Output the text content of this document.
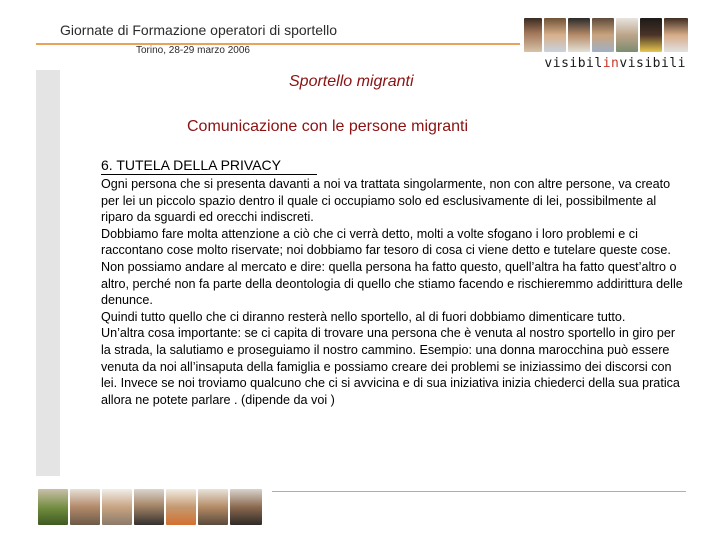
Giornate di Formazione operatori di sportello
Torino, 28-29 marzo 2006
visibilinvisibili
Sportello migranti
Comunicazione con le persone migranti
6. TUTELA DELLA PRIVACY

Ogni persona che si presenta davanti a noi va trattata singolarmente, non con altre persone, va creato per lei un piccolo spazio dentro il quale ci occupiamo solo ed esclusivamente di lei, possibilmente al riparo da sguardi ed orecchi indiscreti.

Dobbiamo fare molta attenzione a ciò che ci verrà detto, molti a volte sfogano i loro problemi e ci raccontano cose molto riservate; noi dobbiamo far tesoro di cosa ci viene detto e tutelare queste cose.

Non possiamo andare al mercato e dire: quella persona ha fatto questo, quell’altra ha fatto quest’altro o altro, perché non fa parte della deontologia di quello che stiamo facendo e rischieremmo addirittura delle denunce.

Quindi tutto quello che ci diranno resterà nello sportello, al di fuori dobbiamo dimenticare tutto.

Un’altra cosa importante: se ci capita di trovare una persona che è venuta al nostro sportello in giro per la strada, la salutiamo e proseguiamo il nostro cammino. Esempio: una donna marocchina può essere venuta da noi all’insaputa della famiglia e possiamo creare dei problemi se iniziassimo dei discorsi con lei. Invece se noi troviamo qualcuno che ci si avvicina e di sua iniziativa inizia chiederci della sua pratica allora ne potete parlare . (dipende da voi )
